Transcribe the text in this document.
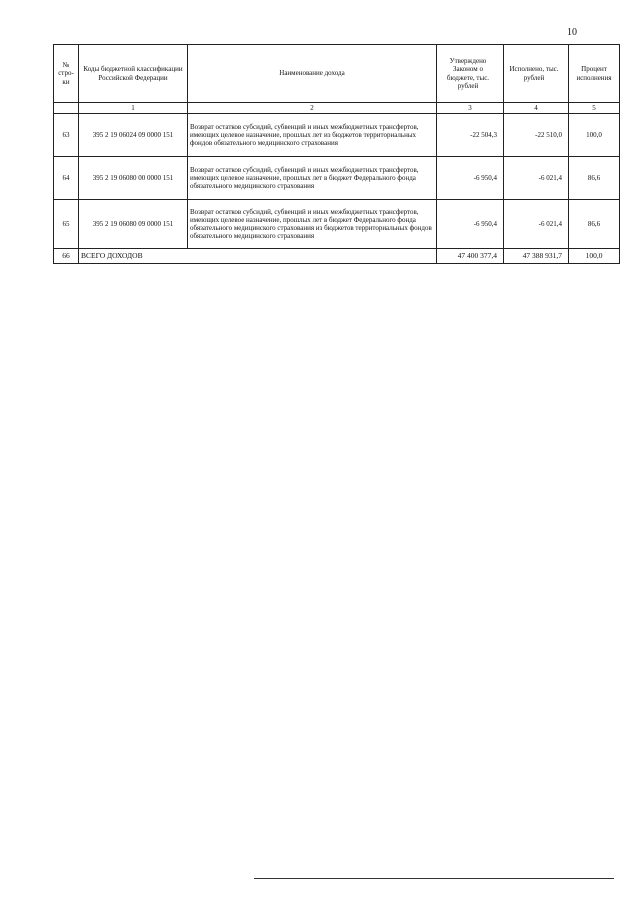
10
№ стро-ки	Коды бюджетной классификации Российской Федерации	Наименование дохода	Утверждено Законом о бюджете, тыс. рублей	Исполнено, тыс. рублей	Процент исполнения
	1	2	3	4	5
63	395 2 19 06024 09 0000 151	Возврат остатков субсидий, субвенций и иных межбюджетных трансфертов, имеющих целевое назначение, прошлых лет из бюджетов территориальных фондов обязательного медицинского страхования	-22 504,3	-22 510,0	100,0
64	395 2 19 06080 00 0000 151	Возврат остатков субсидий, субвенций и иных межбюджетных трансфертов, имеющих целевое назначение, прошлых лет в бюджет Федерального фонда обязательного медицинского страхования	-6 950,4	-6 021,4	86,6
65	395 2 19 06080 09 0000 151	Возврат остатков субсидий, субвенций и иных межбюджетных трансфертов, имеющих целевое назначение, прошлых лет в бюджет Федерального фонда обязательного медицинского страхования из бюджетов территориальных фондов обязательного медицинского страхования	-6 950,4	-6 021,4	86,6
66	ВСЕГО ДОХОДОВ		47 400 377,4	47 388 931,7	100,0
